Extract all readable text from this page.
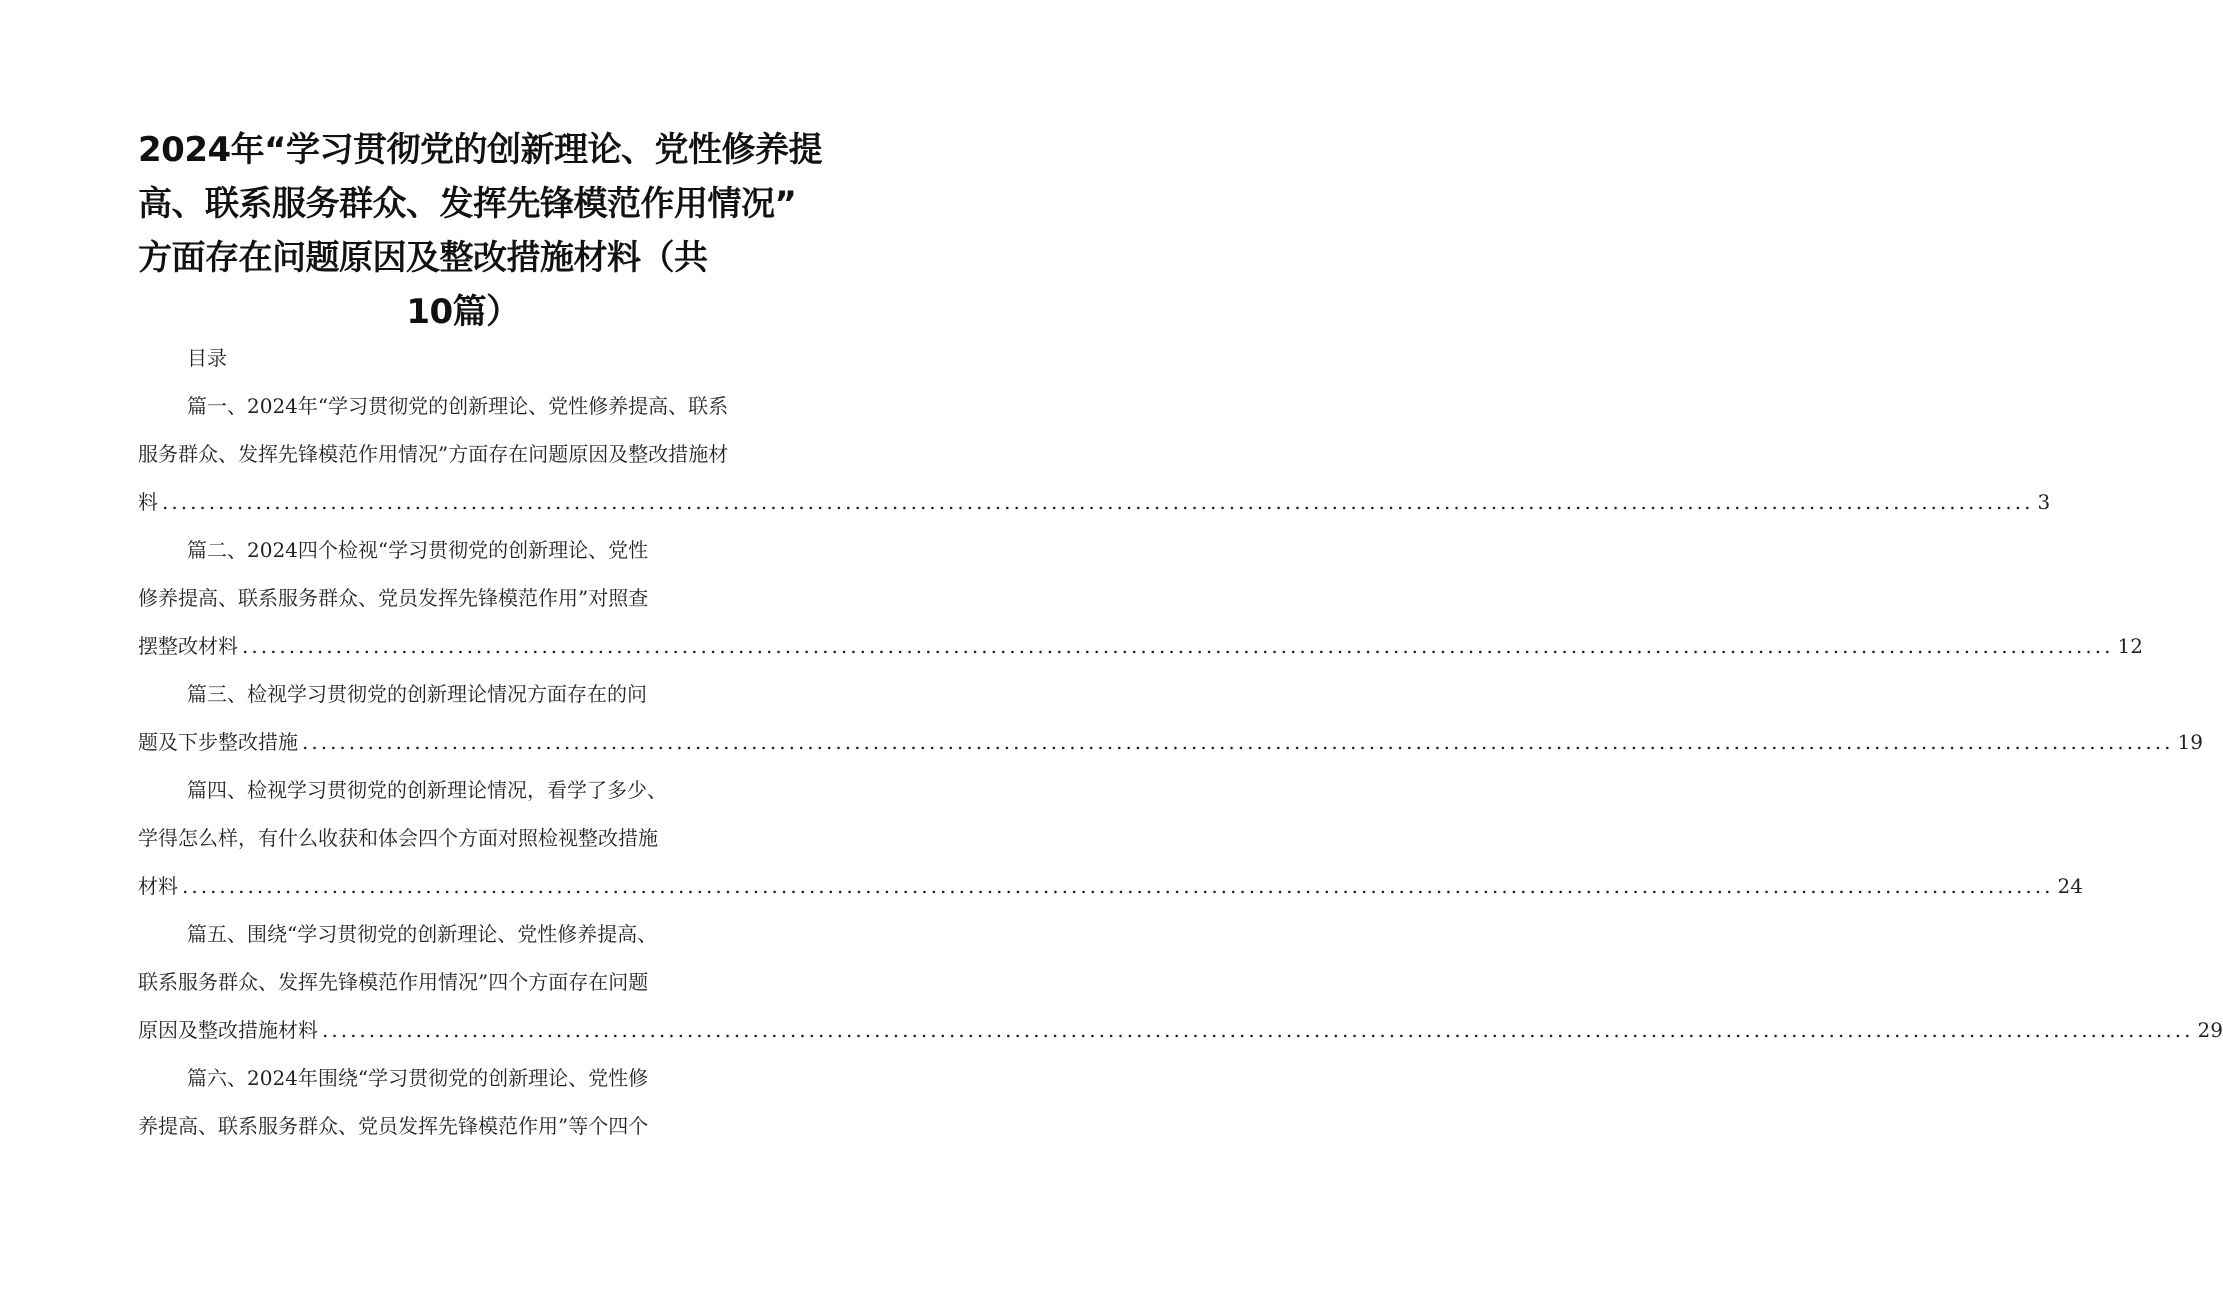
2024年“学习贯彻党的创新理论、党性修养提
高、联系服务群众、发挥先锋模范作用情况”
方面存在问题原因及整改措施材料（共
10篇）
目录
篇一、2024年“学习贯彻党的创新理论、党性修养提高、联系
服务群众、发挥先锋模范作用情况”方面存在问题原因及整改措施材
料 ........................................................................................................................................................................................................ 3
篇二、2024四个检视“学习贯彻党的创新理论、党性
修养提高、联系服务群众、党员发挥先锋模范作用”对照查
摆整改材料 ........................................................................................................................................................................................................ 12
篇三、检视学习贯彻党的创新理论情况方面存在的问
题及下步整改措施 ........................................................................................................................................................................................................ 19
篇四、检视学习贯彻党的创新理论情况，看学了多少、
学得怎么样，有什么收获和体会四个方面对照检视整改措施
材料 ........................................................................................................................................................................................................ 24
篇五、围绕“学习贯彻党的创新理论、党性修养提高、
联系服务群众、发挥先锋模范作用情况”四个方面存在问题
原因及整改措施材料 ........................................................................................................................................................................................................ 29
篇六、2024年围绕“学习贯彻党的创新理论、党性修
养提高、联系服务群众、党员发挥先锋模范作用”等个四个
